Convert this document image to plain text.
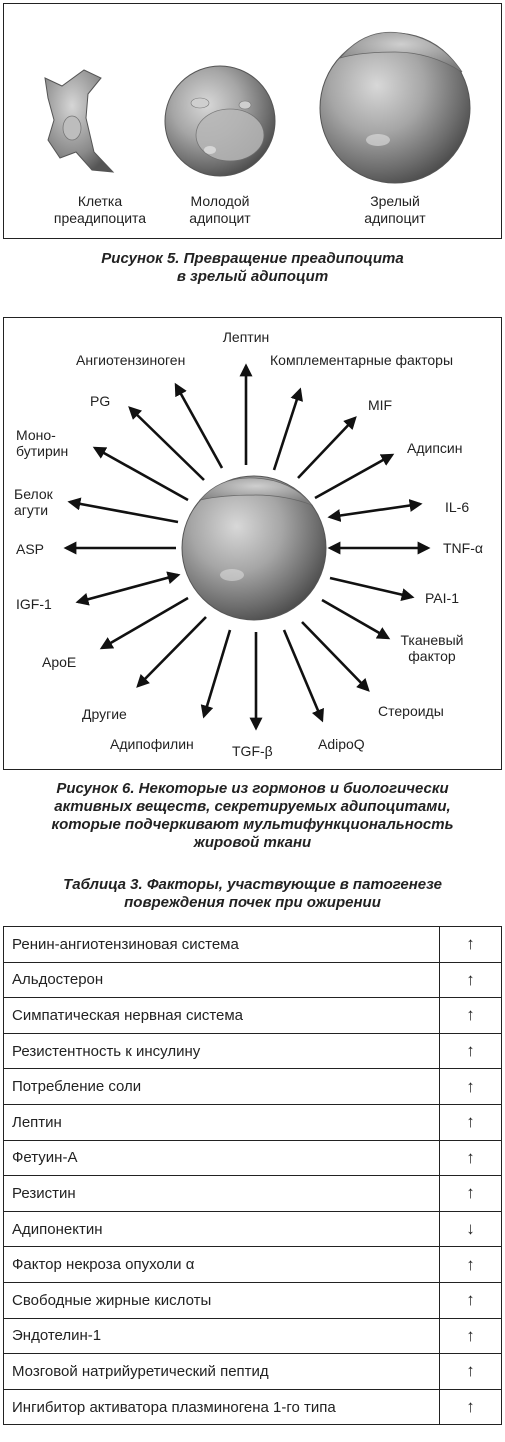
Клетка
преадипоцита
Молодой
адипоцит
Зрелый
адипоцит
Рисунок 5. Превращение преадипоцита
в зрелый адипоцит
Лептин
Комплементарные факторы
MIF
Адипсин
IL-6
TNF-α
PAI-1
Тканевый
фактор
Стероиды
AdipoQ
TGF-β
Адипофилин
Другие
ApoE
IGF-1
ASP
Белок
агути
Моно-
бутирин
PG
Ангиотензиноген
Рисунок 6. Некоторые из гормонов и биологически
активных веществ, секретируемых адипоцитами,
которые подчеркивают мультифункциональность
жировой ткани
Таблица 3. Факторы, участвующие в патогенезе
повреждения почек при ожирении
Ренин-ангиотензиновая система	↑
Альдостерон	↑
Симпатическая нервная система	↑
Резистентность к инсулину	↑
Потребление соли	↑
Лептин	↑
Фетуин-А	↑
Резистин	↑
Адипонектин	↓
Фактор некроза опухоли α	↑
Свободные жирные кислоты	↑
Эндотелин-1	↑
Мозговой натрийуретический пептид	↑
Ингибитор активатора плазминогена 1-го типа	↑
